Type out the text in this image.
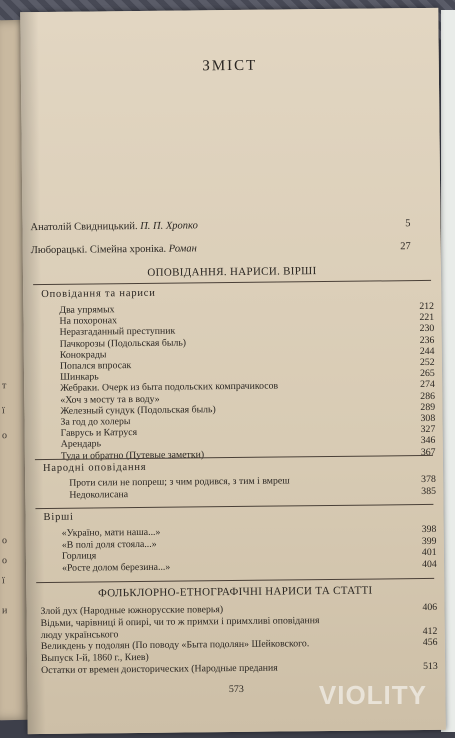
т
ї
о
о
о
ї
и
ЗМІСТ
Анатолій Свидницький. П. П. Хропко	5
Люборацькі. Сімейна хроніка. Роман	27
ОПОВІДАННЯ. НАРИСИ. ВІРШІ
Оповідання та нариси
Два упрямых	212
На похоронах	221
Неразгаданный преступник	230
Пачкорозы (Подольская быль)	236
Конокрады	244
Попался впросак	252
Шинкарь	265
Жебраки. Очерк из быта подольских компрачикосов	274
«Хоч з мосту та в воду»	286
Железный сундук (Подольская быль)	289
За год до холеры	308
Гаврусь и Катруся	327
Арендарь	346
Туда и обратно (Путевые заметки)	367
Народні оповідання
Проти сили не попреш; з чим родився, з тим і вмреш	378
Недоколисана	385
Вірші
«Україно, мати наша...»	398
«В полі доля стояла...»	399
Горлиця	401
«Росте долом березина...»	404
ФОЛЬКЛОРНО-ЕТНОГРАФІЧНІ НАРИСИ ТА СТАТТІ
Злой дух (Народные южнорусские поверья)	406
Відьми, чарівниці й опирі, чи то ж примхи і примхливі оповідання
люду українського	412
Великдень у подолян (По поводу «Быта подолян» Шейковского.	456
Выпуск I-й, 1860 г., Киев)
Остатки от времен доисторических (Народные предания	513
573	VIOLITY
